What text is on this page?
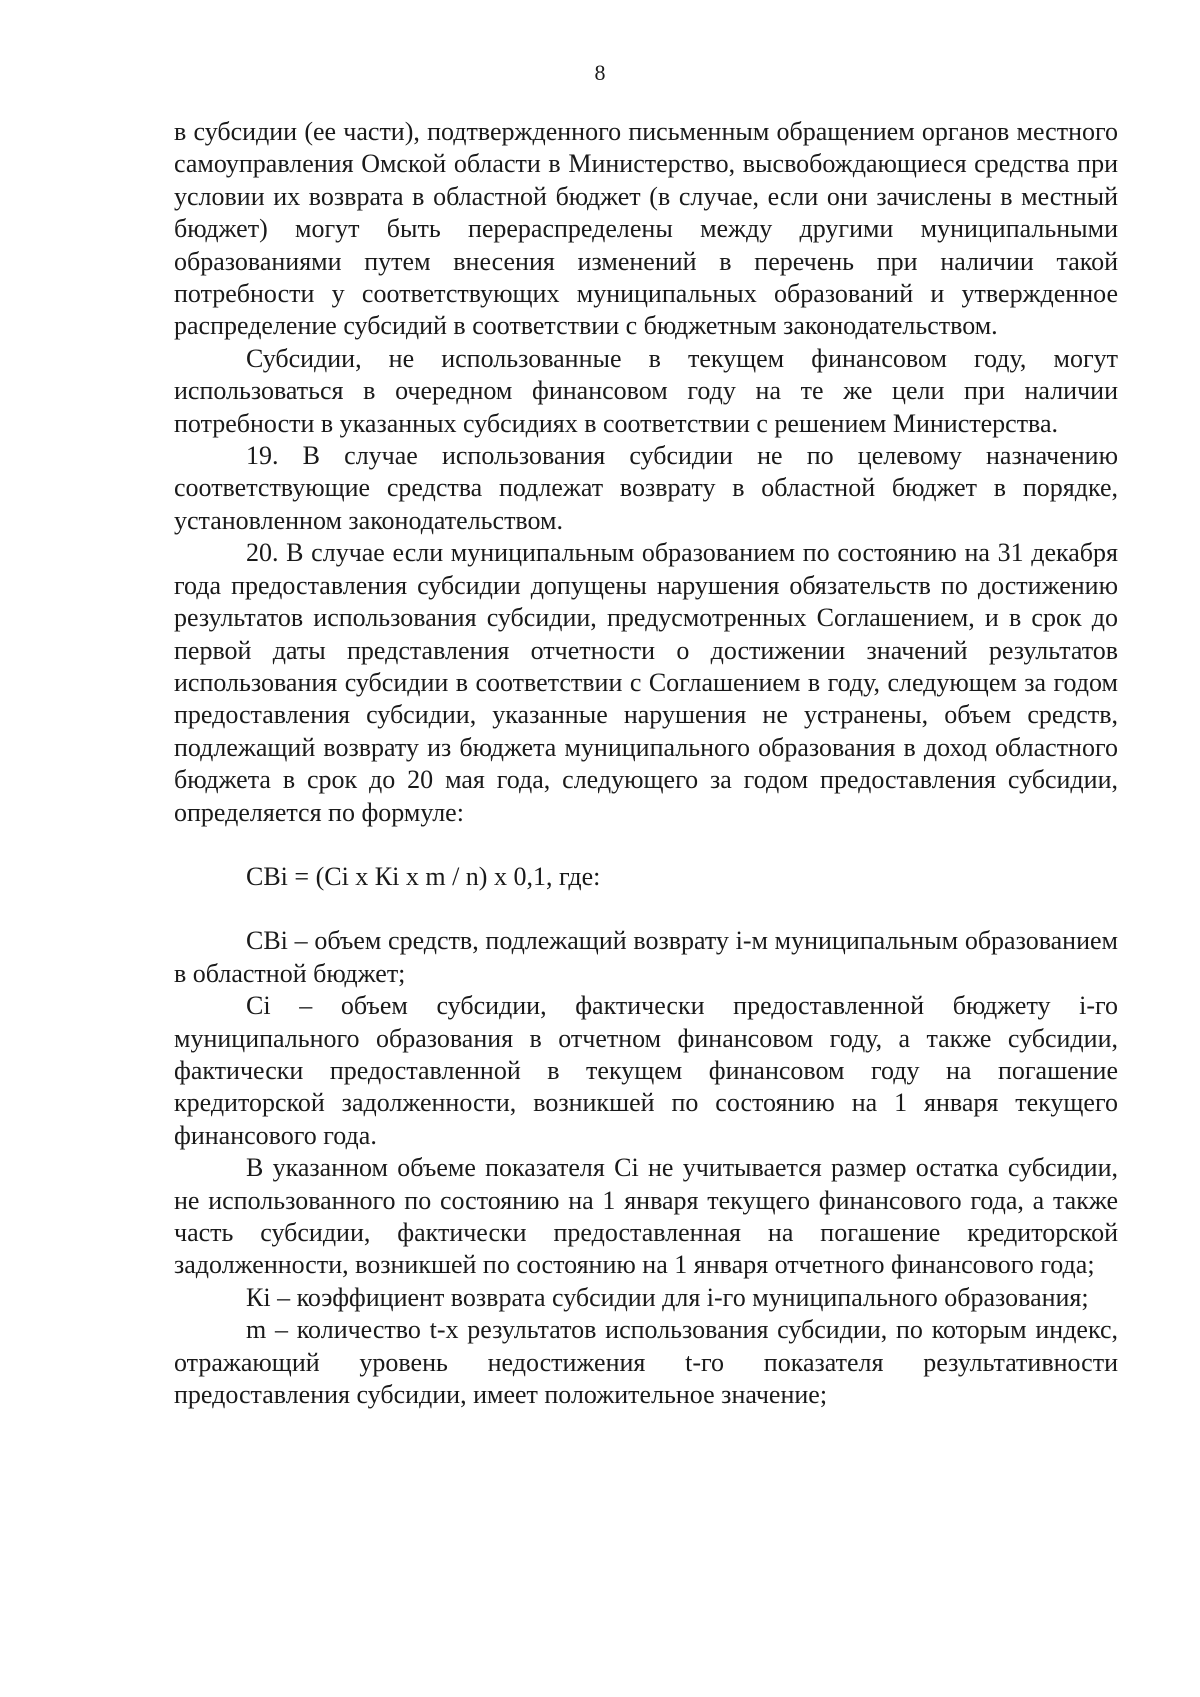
8

в субсидии (ее части), подтвержденного письменным обращением органов местного самоуправления Омской области в Министерство, высвобождающиеся средства при условии их возврата в областной бюджет (в случае, если они зачислены в местный бюджет) могут быть перераспределены между другими муниципальными образованиями путем внесения изменений в перечень при наличии такой потребности у соответствующих муниципальных образований и утвержденное распределение субсидий в соответствии с бюджетным законодательством.

Субсидии, не использованные в текущем финансовом году, могут использоваться в очередном финансовом году на те же цели при наличии потребности в указанных субсидиях в соответствии с решением Министерства.

19. В случае использования субсидии не по целевому назначению соответствующие средства подлежат возврату в областной бюджет в порядке, установленном законодательством.

20. В случае если муниципальным образованием по состоянию на 31 декабря года предоставления субсидии допущены нарушения обязательств по достижению результатов использования субсидии, предусмотренных Соглашением, и в срок до первой даты представления отчетности о достижении значений результатов использования субсидии в соответствии с Соглашением в году, следующем за годом предоставления субсидии, указанные нарушения не устранены, объем средств, подлежащий возврату из бюджета муниципального образования в доход областного бюджета в срок до 20 мая года, следующего за годом предоставления субсидии, определяется по формуле:

СВi = (Сi х Кi х m / n) х 0,1, где:

СВi – объем средств, подлежащий возврату i-м муниципальным образованием в областной бюджет;

Сi – объем субсидии, фактически предоставленной бюджету i-го муниципального образования в отчетном финансовом году, а также субсидии, фактически предоставленной в текущем финансовом году на погашение кредиторской задолженности, возникшей по состоянию на 1 января текущего финансового года.

В указанном объеме показателя Сi не учитывается размер остатка субсидии, не использованного по состоянию на 1 января текущего финансового года, а также часть субсидии, фактически предоставленная на погашение кредиторской задолженности, возникшей по состоянию на 1 января отчетного финансового года;

Кi – коэффициент возврата субсидии для i-го муниципального образования;

m – количество t-х результатов использования субсидии, по которым индекс, отражающий уровень недостижения t-го показателя результативности предоставления субсидии, имеет положительное значение;
